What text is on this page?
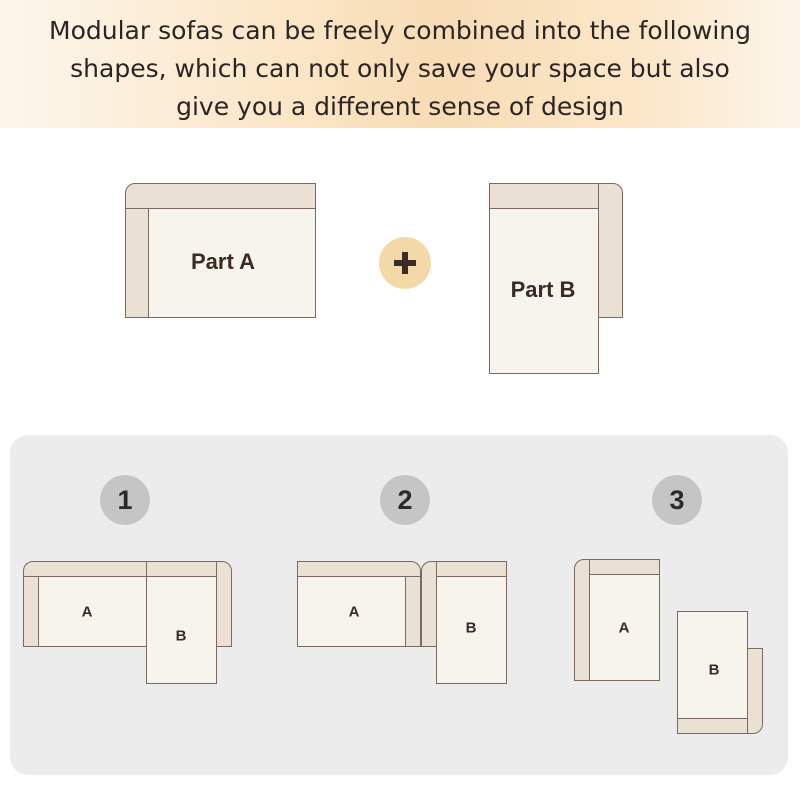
Modular sofas can be freely combined into the following shapes, which can not only save your space but also give you a different sense of design
Part A
Part B
1	2	3
A
B
A
B	A
B
